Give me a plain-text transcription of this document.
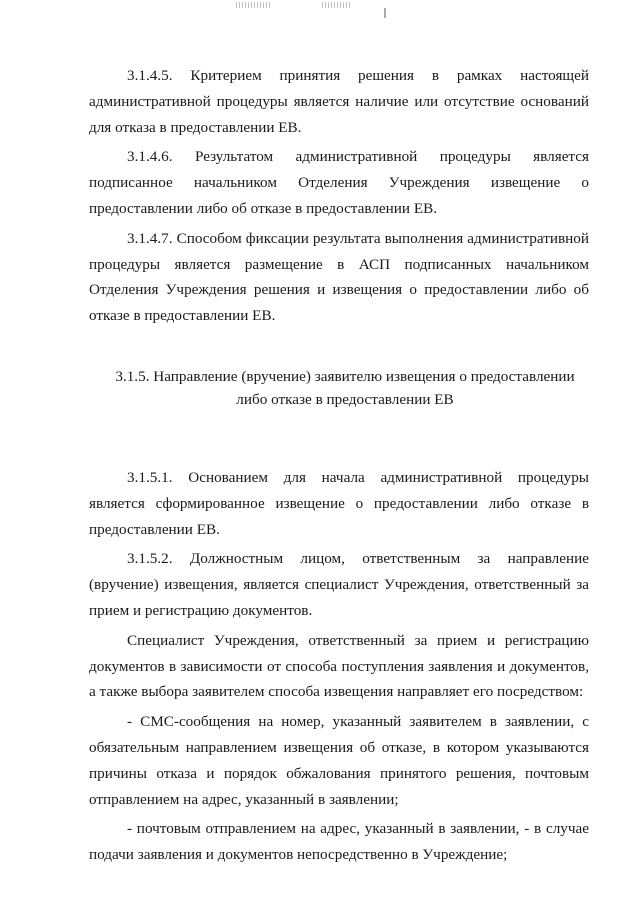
3.1.4.5. Критерием принятия решения в рамках настоящей административной процедуры является наличие или отсутствие оснований для отказа в предоставлении ЕВ.

3.1.4.6. Результатом административной процедуры является подписанное начальником Отделения Учреждения извещение о предоставлении либо об отказе в предоставлении ЕВ.

3.1.4.7. Способом фиксации результата выполнения административной процедуры является размещение в АСП подписанных начальником Отделения Учреждения решения и извещения о предоставлении либо об отказе в предоставлении ЕВ.

3.1.5. Направление (вручение) заявителю извещения о предоставлении
либо отказе в предоставлении ЕВ

3.1.5.1. Основанием для начала административной процедуры является сформированное извещение о предоставлении либо отказе в предоставлении ЕВ.

3.1.5.2. Должностным лицом, ответственным за направление (вручение) извещения, является специалист Учреждения, ответственный за прием и регистрацию документов.

Специалист Учреждения, ответственный за прием и регистрацию документов в зависимости от способа поступления заявления и документов, а также выбора заявителем способа извещения направляет его посредством:

- СМС-сообщения на номер, указанный заявителем в заявлении, с обязательным направлением извещения об отказе, в котором указываются причины отказа и порядок обжалования принятого решения, почтовым отправлением на адрес, указанный в заявлении;

- почтовым отправлением на адрес, указанный в заявлении, - в случае подачи заявления и документов непосредственно в Учреждение;
